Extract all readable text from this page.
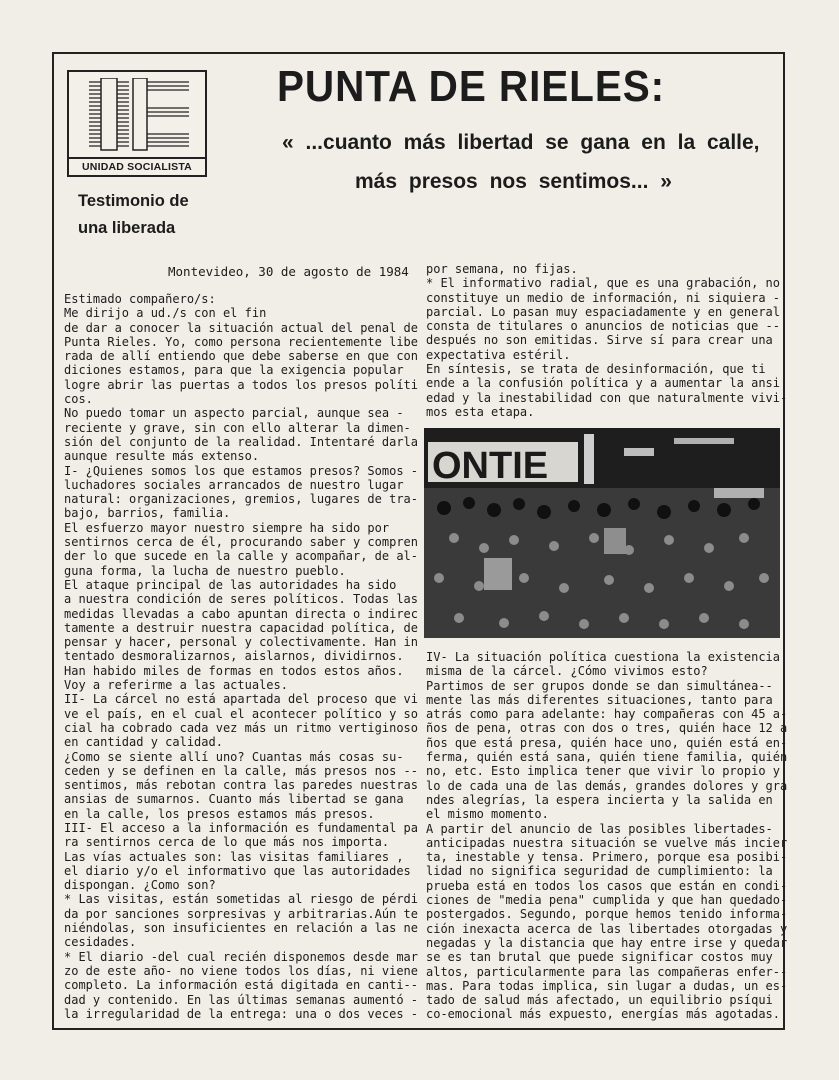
UNIDAD SOCIALISTA
PUNTA DE RIELES:
« ...cuanto más libertad se gana en la calle,
más presos nos sentimos... »
Testimonio de
una liberada
Montevideo, 30 de agosto de 1984
Estimado compañero/s:
Me dirijo a ud./s con el fin
de dar a conocer la situación actual del penal de
Punta Rieles. Yo, como persona recientemente libe
rada de allí entiendo que debe saberse en que con
diciones estamos, para que la exigencia popular
logre abrir las puertas a todos los presos políti
cos.
No puedo tomar un aspecto parcial, aunque sea -
reciente y grave, sin con ello alterar la dimen-
sión del conjunto de la realidad. Intentaré darla
aunque resulte más extenso.
I- ¿Quienes somos los que estamos presos? Somos -
luchadores sociales arrancados de nuestro lugar
natural: organizaciones, gremios, lugares de tra-
bajo, barrios, familia.
El esfuerzo mayor nuestro siempre ha sido por
sentirnos cerca de él, procurando saber y compren
der lo que sucede en la calle y acompañar, de al-
guna forma, la lucha de nuestro pueblo.
El ataque principal de las autoridades ha sido
a nuestra condición de seres políticos. Todas las
medidas llevadas a cabo apuntan directa o indirec
tamente a destruir nuestra capacidad política, de
pensar y hacer, personal y colectivamente. Han in
tentado desmoralizarnos, aislarnos, dividirnos.
Han habido miles de formas en todos estos años.
Voy a referirme a las actuales.
II- La cárcel no está apartada del proceso que vi
ve el país, en el cual el acontecer político y so
cial ha cobrado cada vez más un ritmo vertiginoso
en cantidad y calidad.
¿Como se siente allí uno? Cuantas más cosas su-
ceden y se definen en la calle, más presos nos --
sentimos, más rebotan contra las paredes nuestras
ansias de sumarnos. Cuanto más libertad se gana
en la calle, los presos estamos más presos.
III- El acceso a la información es fundamental pa
ra sentirnos cerca de lo que más nos importa.
Las vías actuales son: las visitas familiares ,
el diario y/o el informativo que las autoridades
dispongan. ¿Como son?
* Las visitas, están sometidas al riesgo de pérdi
da por sanciones sorpresivas y arbitrarias.Aún te
niéndolas, son insuficientes en relación a las ne
cesidades.
* El diario -del cual recién disponemos desde mar
zo de este año- no viene todos los días, ni viene
completo. La información está digitada en canti--
dad y contenido. En las últimas semanas aumentó -
la irregularidad de la entrega: una o dos veces -
por semana, no fijas.
* El informativo radial, que es una grabación, no
constituye un medio de información, ni siquiera -
parcial. Lo pasan muy espaciadamente y en general
consta de titulares o anuncios de noticias que --
después no son emitidas. Sirve sí para crear una
expectativa estéril.
En síntesis, se trata de desinformación, que ti
ende a la confusión política y a aumentar la ansi
edad y la inestabilidad con que naturalmente vivi-
mos esta etapa.
ONTIE
IV- La situación política cuestiona la existencia
misma de la cárcel. ¿Cómo vivimos esto?
Partimos de ser grupos donde se dan simultánea--
mente las más diferentes situaciones, tanto para
atrás como para adelante: hay compañeras con 45 a-
ños de pena, otras con dos o tres, quién hace 12 a
ños que está presa, quién hace uno, quién está en-
ferma, quién está sana, quién tiene familia, quién
no, etc. Esto implica tener que vivir lo propio y
lo de cada una de las demás, grandes dolores y gra
ndes alegrías, la espera incierta y la salida en
el mismo momento.
A partir del anuncio de las posibles libertades-
anticipadas nuestra situación se vuelve más incier
ta, inestable y tensa. Primero, porque esa posibi-
lidad no significa seguridad de cumplimiento: la
prueba está en todos los casos que están en condi-
ciones de "media pena" cumplida y que han quedado-
postergados. Segundo, porque hemos tenido informa-
ción inexacta acerca de las libertades otorgadas y
negadas y la distancia que hay entre irse y quedar
se es tan brutal que puede significar costos muy
altos, particularmente para las compañeras enfer--
mas. Para todas implica, sin lugar a dudas, un es-
tado de salud más afectado, un equilibrio psíqui
co-emocional más expuesto, energías más agotadas.
